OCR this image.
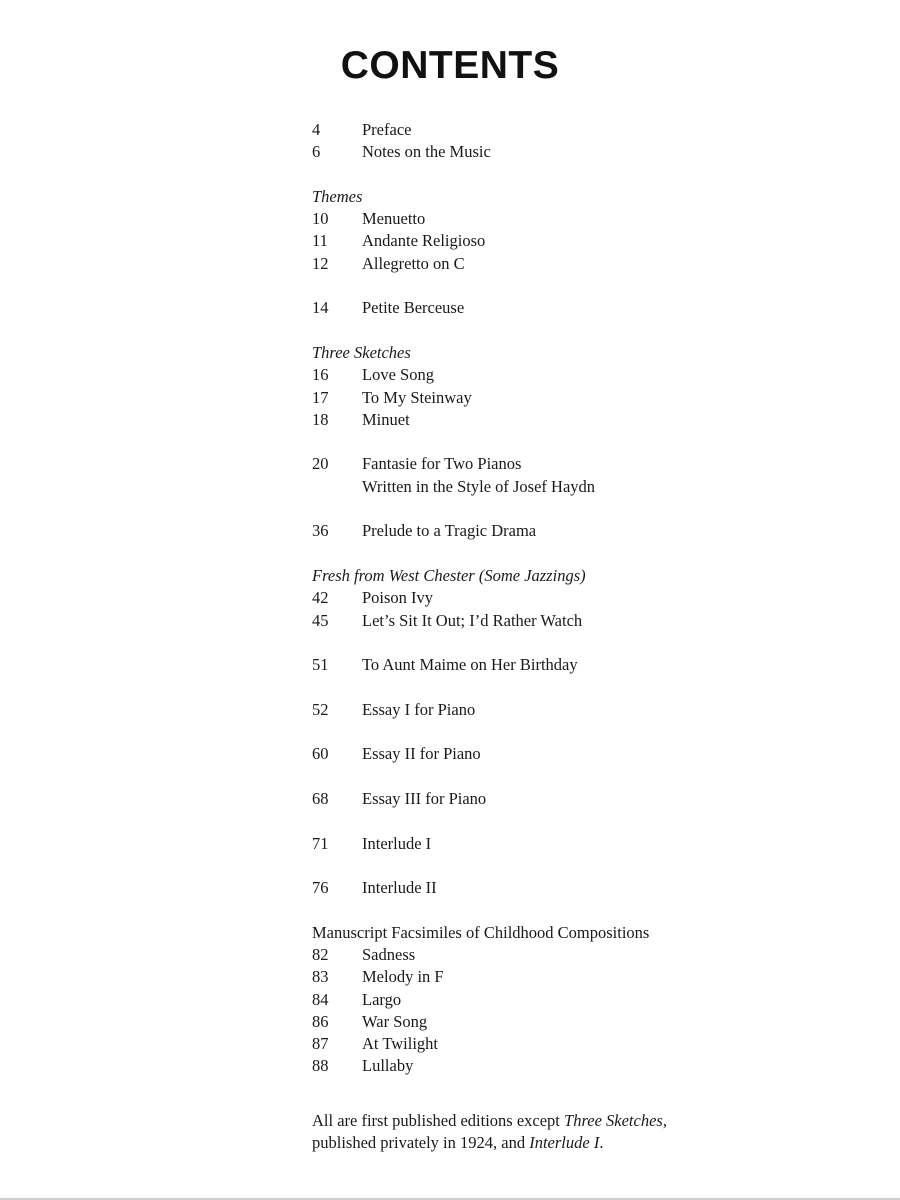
CONTENTS
4	Preface
6	Notes on the Music
Themes
10	Menuetto
11	Andante Religioso
12	Allegretto on C
14	Petite Berceuse
Three Sketches
16	Love Song
17	To My Steinway
18	Minuet
20	Fantasie for Two Pianos
Written in the Style of Josef Haydn
36	Prelude to a Tragic Drama
Fresh from West Chester (Some Jazzings)
42	Poison Ivy
45	Let’s Sit It Out; I’d Rather Watch
51	To Aunt Maime on Her Birthday
52	Essay I for Piano
60	Essay II for Piano
68	Essay III for Piano
71	Interlude I
76	Interlude II
Manuscript Facsimiles of Childhood Compositions
82	Sadness
83	Melody in F
84	Largo
86	War Song
87	At Twilight
88	Lullaby
All are first published editions except Three Sketches, published privately in 1924, and Interlude I.
